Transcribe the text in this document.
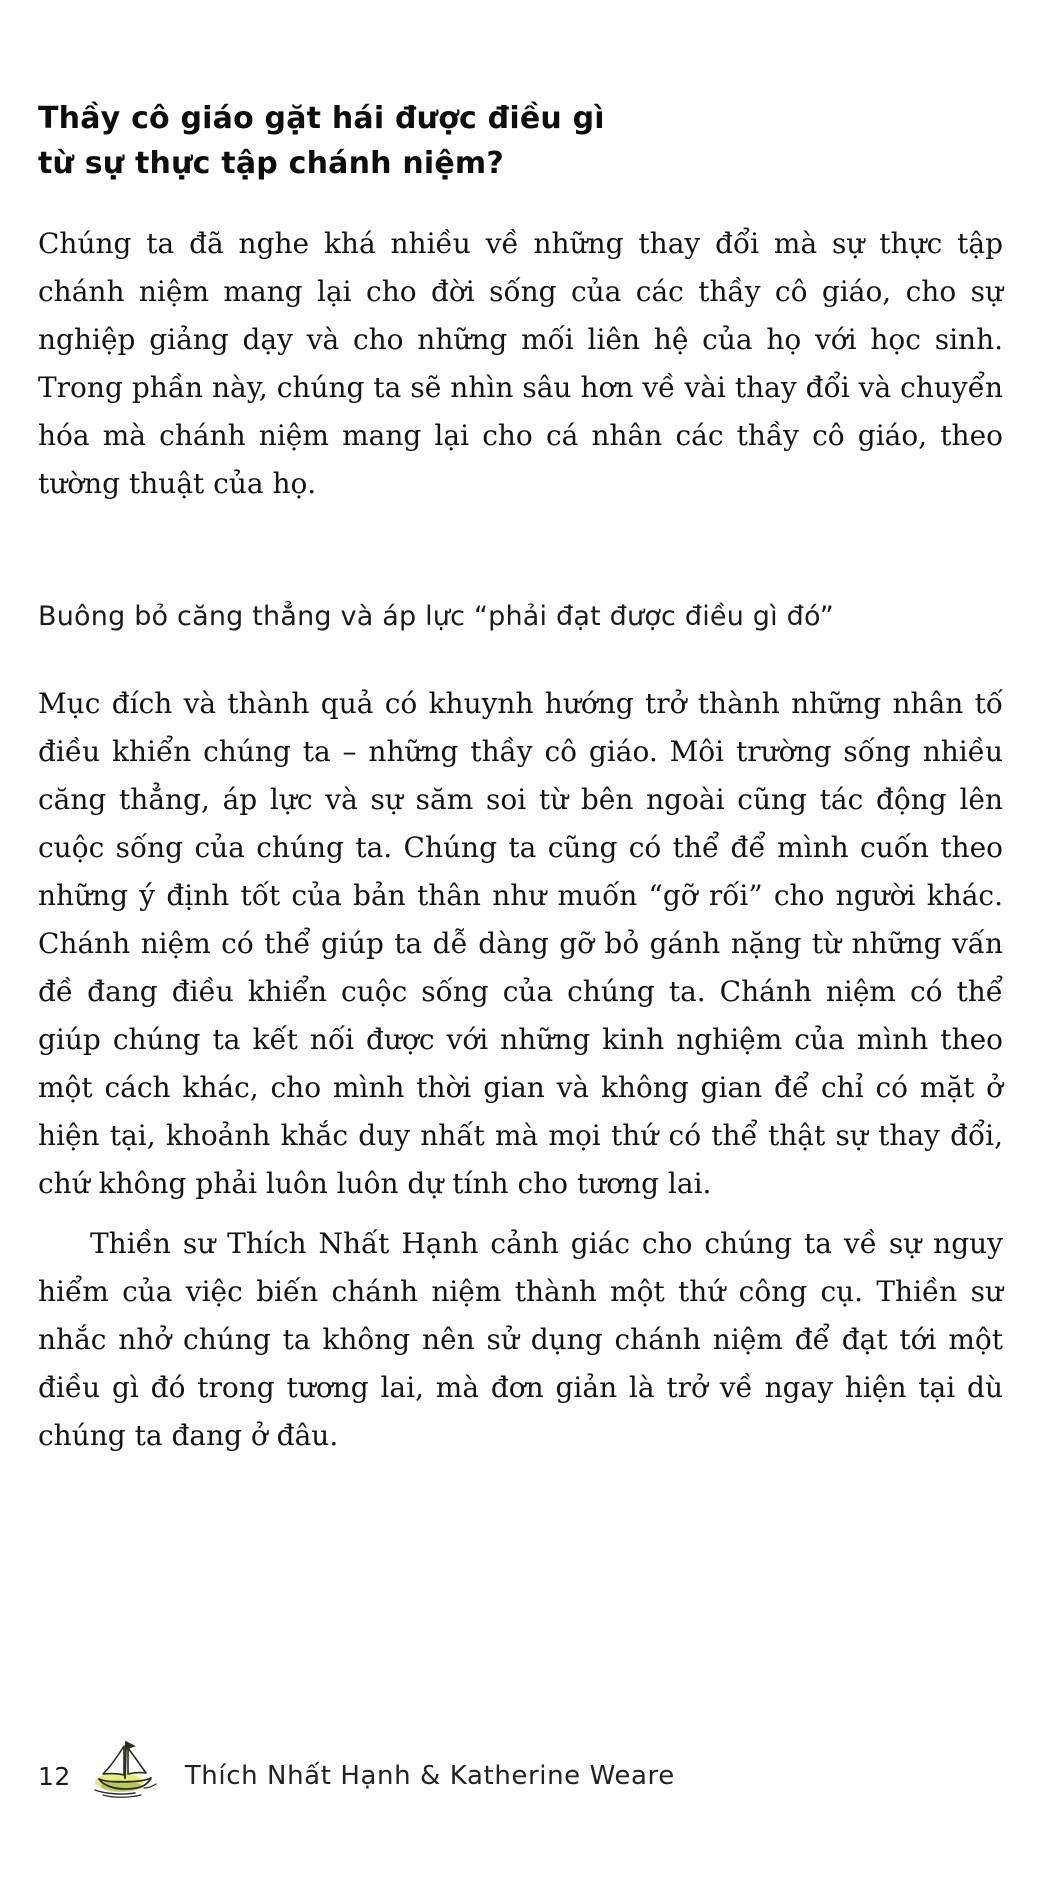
Thầy cô giáo gặt hái được điều gì
từ sự thực tập chánh niệm?

Chúng ta đã nghe khá nhiều về những thay đổi mà sự thực tập chánh niệm mang lại cho đời sống của các thầy cô giáo, cho sự nghiệp giảng dạy và cho những mối liên hệ của họ với học sinh. Trong phần này, chúng ta sẽ nhìn sâu hơn về vài thay đổi và chuyển hóa mà chánh niệm mang lại cho cá nhân các thầy cô giáo, theo tường thuật của họ.

Buông bỏ căng thẳng và áp lực “phải đạt được điều gì đó”

Mục đích và thành quả có khuynh hướng trở thành những nhân tố điều khiển chúng ta – những thầy cô giáo. Môi trường sống nhiều căng thẳng, áp lực và sự săm soi từ bên ngoài cũng tác động lên cuộc sống của chúng ta. Chúng ta cũng có thể để mình cuốn theo những ý định tốt của bản thân như muốn “gỡ rối” cho người khác. Chánh niệm có thể giúp ta dễ dàng gỡ bỏ gánh nặng từ những vấn đề đang điều khiển cuộc sống của chúng ta. Chánh niệm có thể giúp chúng ta kết nối được với những kinh nghiệm của mình theo một cách khác, cho mình thời gian và không gian để chỉ có mặt ở hiện tại, khoảnh khắc duy nhất mà mọi thứ có thể thật sự thay đổi, chứ không phải luôn luôn dự tính cho tương lai.

Thiền sư Thích Nhất Hạnh cảnh giác cho chúng ta về sự nguy hiểm của việc biến chánh niệm thành một thứ công cụ. Thiền sư nhắc nhở chúng ta không nên sử dụng chánh niệm để đạt tới một điều gì đó trong tương lai, mà đơn giản là trở về ngay hiện tại dù chúng ta đang ở đâu.

12	Thích Nhất Hạnh & Katherine Weare
